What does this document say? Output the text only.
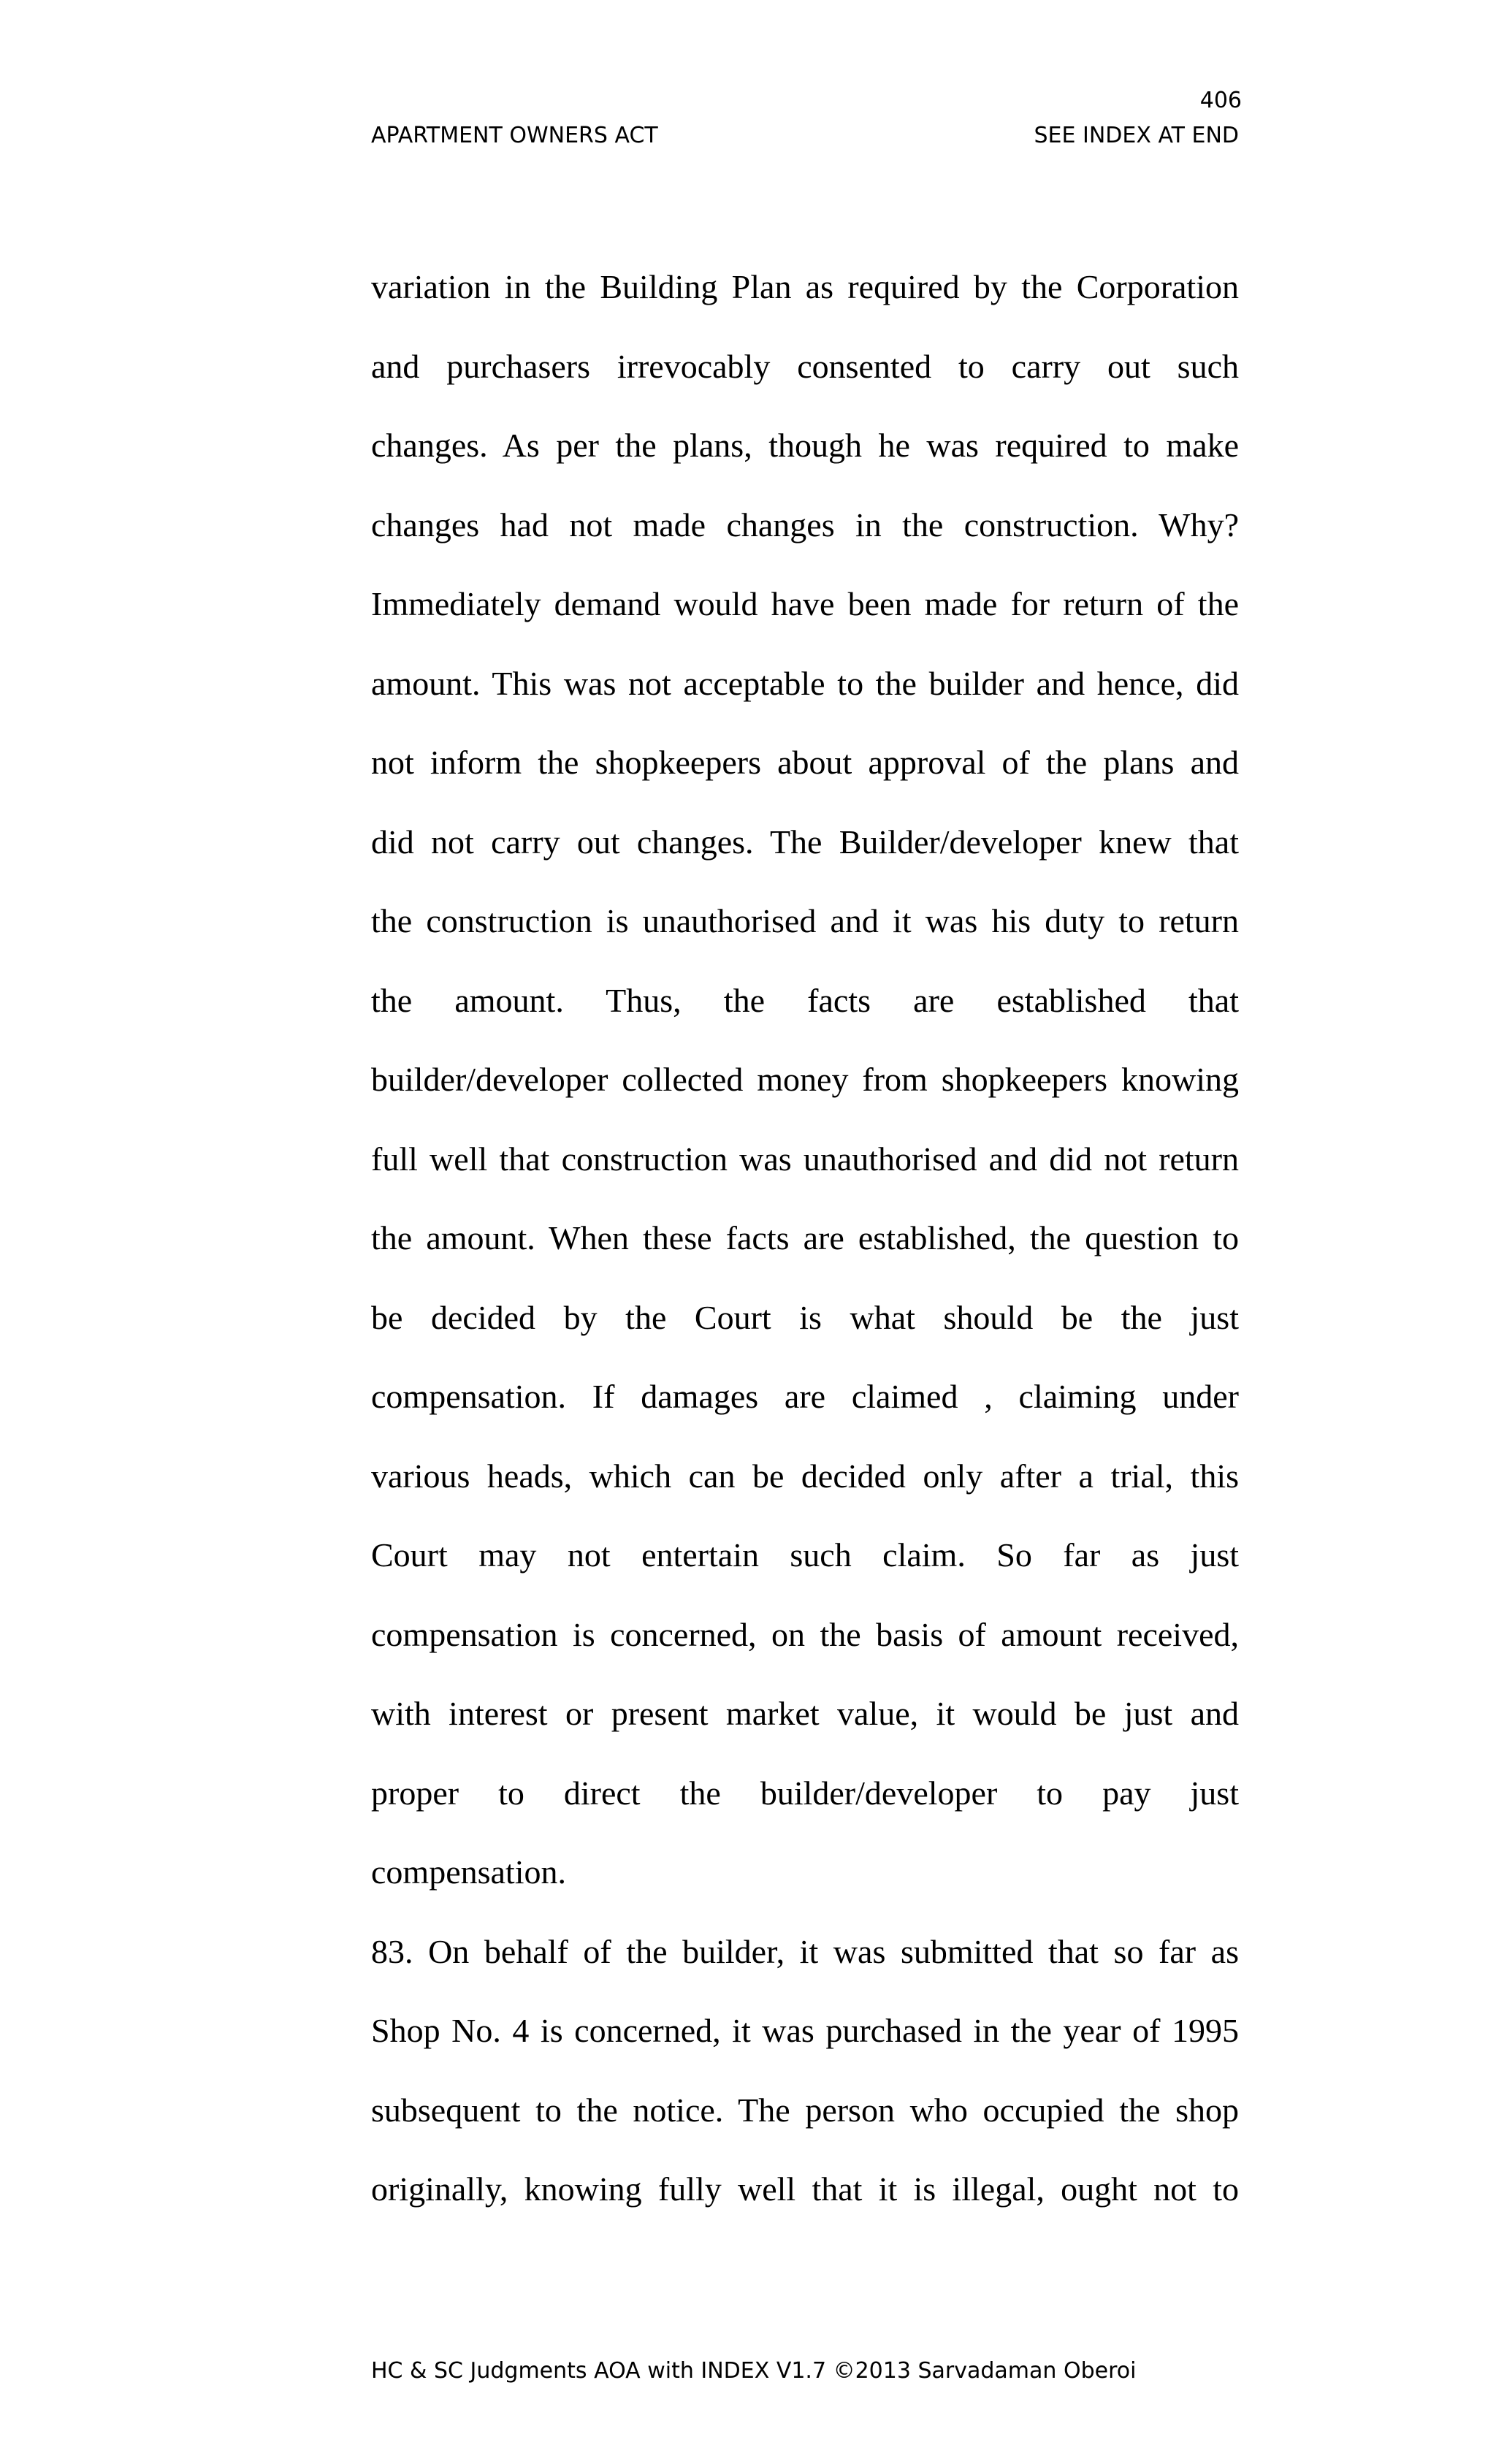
406
APARTMENT OWNERS ACT	SEE INDEX AT END
variation in the Building Plan as required by the Corporation
and purchasers irrevocably consented to carry out such
changes. As per the plans, though he was required to make
changes had not made changes in the construction. Why?
Immediately demand would have been made for return of the
amount. This was not acceptable to the builder and hence, did
not inform the shopkeepers about approval of the plans and
did not carry out changes. The Builder/developer knew that
the construction is unauthorised and it was his duty to return
the amount. Thus, the facts are established that
builder/developer collected money from shopkeepers knowing
full well that construction was unauthorised and did not return
the amount. When these facts are established, the question to
be decided by the Court is what should be the just
compensation. If damages are claimed , claiming under
various heads, which can be decided only after a trial, this
Court may not entertain such claim. So far as just
compensation is concerned, on the basis of amount received,
with interest or present market value, it would be just and
proper to direct the builder/developer to pay just
compensation.
83. On behalf of the builder, it was submitted that so far as
Shop No. 4 is concerned, it was purchased in the year of 1995
subsequent to the notice. The person who occupied the shop
originally, knowing fully well that it is illegal, ought not to
HC & SC Judgments AOA with INDEX V1.7 ©2013 Sarvadaman Oberoi
